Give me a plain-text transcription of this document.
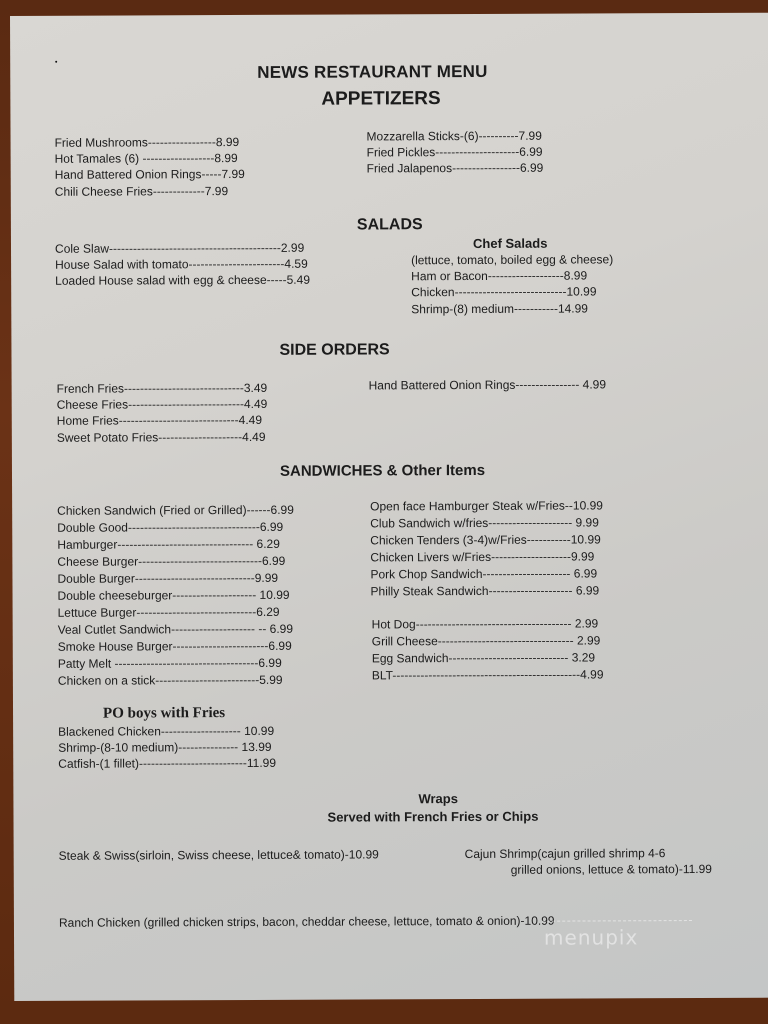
NEWS RESTAURANT MENU
APPETIZERS
Fried Mushrooms-----------------8.99
Hot Tamales (6) ------------------8.99
Hand Battered Onion Rings-----7.99
Chili Cheese Fries-------------7.99
Mozzarella Sticks-(6)----------7.99
Fried Pickles---------------------6.99
Fried Jalapenos-----------------6.99
SALADS
Cole Slaw-------------------------------------------2.99
House Salad with tomato------------------------4.59
Loaded House salad with egg & cheese-----5.49
Chef Salads
(lettuce, tomato, boiled egg & cheese)
Ham or Bacon-------------------8.99
Chicken----------------------------10.99
Shrimp-(8) medium-----------14.99
SIDE ORDERS
French Fries------------------------------3.49
Cheese Fries-----------------------------4.49
Home Fries------------------------------4.49
Sweet Potato Fries---------------------4.49
Hand Battered Onion Rings---------------- 4.99
SANDWICHES & Other Items
Chicken Sandwich (Fried or Grilled)------6.99
Double Good---------------------------------6.99
Hamburger---------------------------------- 6.29
Cheese Burger-------------------------------6.99
Double Burger------------------------------9.99
Double cheeseburger--------------------- 10.99
Lettuce Burger------------------------------6.29
Veal Cutlet Sandwich--------------------- -- 6.99
Smoke House Burger------------------------6.99
Patty Melt ------------------------------------6.99
Chicken on a stick--------------------------5.99
Open face Hamburger Steak w/Fries--10.99
Club Sandwich w/fries--------------------- 9.99
Chicken Tenders (3-4)w/Fries-----------10.99
Chicken Livers w/Fries--------------------9.99
Pork Chop Sandwich---------------------- 6.99
Philly Steak Sandwich--------------------- 6.99
Hot Dog--------------------------------------- 2.99
Grill Cheese---------------------------------- 2.99
Egg Sandwich------------------------------ 3.29
BLT-----------------------------------------------4.99
PO boys with Fries
Blackened Chicken-------------------- 10.99
Shrimp-(8-10 medium)--------------- 13.99
Catfish-(1 fillet)---------------------------11.99
Wraps
Served with French Fries or Chips
Steak & Swiss(sirloin, Swiss cheese, lettuce& tomato)-10.99	Cajun Shrimp(cajun grilled shrimp 4-6
grilled onions, lettuce & tomato)-11.99
Ranch Chicken (grilled chicken strips, bacon, cheddar cheese, lettuce, tomato & onion)-10.99
menupix
